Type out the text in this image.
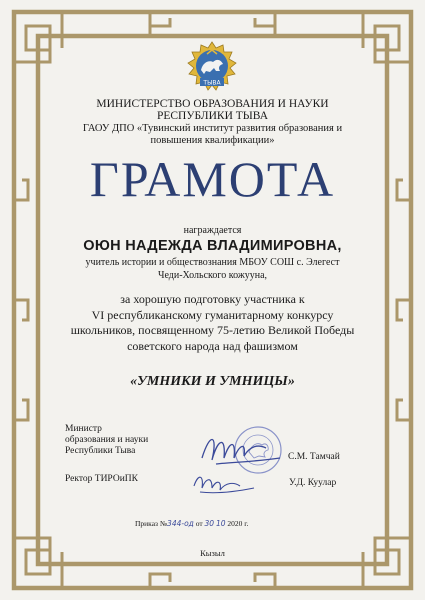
ТЫВА
МИНИСТЕРСТВО ОБРАЗОВАНИЯ И НАУКИ
РЕСПУБЛИКИ ТЫВА
ГАОУ ДПО «Тувинский институт развития образования и
повышения квалификации»
ГРАМОТА
награждается
ОЮН НАДЕЖДА ВЛАДИМИРОВНА,
учитель истории и обществознания МБОУ СОШ с. Элегест
Чеди-Хольского кожууна,
за хорошую подготовку участника к
VI республиканскому гуманитарному конкурсу
школьников, посвященному 75-летию Великой Победы
советского народа над фашизмом
«УМНИКИ И УМНИЦЫ»
Министр
образования и науки
Республики Тыва
С.М. Тамчай
Ректор ТИРОиПК	У.Д. Куулар
Приказ №344-од от 30 10 2020 г.
Кызыл
